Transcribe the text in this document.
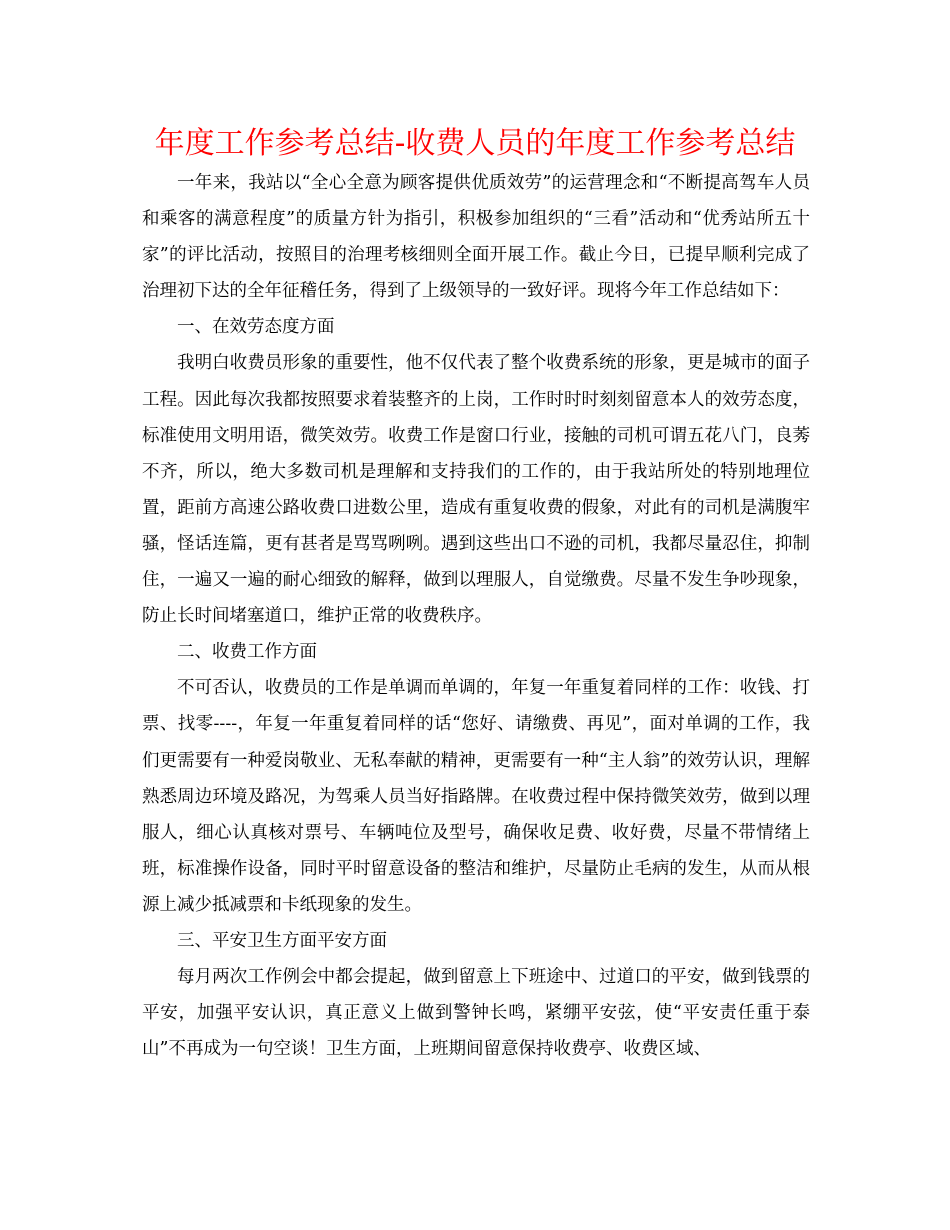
年度工作参考总结-收费人员的年度工作参考总结

一年来，我站以“全心全意为顾客提供优质效劳”的运营理念和“不断提高驾车人员和乘客的满意程度”的质量方针为指引，积极参加组织的“三看”活动和“优秀站所五十家”的评比活动，按照目的治理考核细则全面开展工作。截止今日，已提早顺利完成了治理初下达的全年征稽任务，得到了上级领导的一致好评。现将今年工作总结如下：

一、在效劳态度方面

我明白收费员形象的重要性，他不仅代表了整个收费系统的形象，更是城市的面子工程。因此每次我都按照要求着装整齐的上岗，工作时时时刻刻留意本人的效劳态度，标准使用文明用语，微笑效劳。收费工作是窗口行业，接触的司机可谓五花八门，良莠不齐，所以，绝大多数司机是理解和支持我们的工作的，由于我站所处的特别地理位置，距前方高速公路收费口进数公里，造成有重复收费的假象，对此有的司机是满腹牢骚，怪话连篇，更有甚者是骂骂咧咧。遇到这些出口不逊的司机，我都尽量忍住，抑制住，一遍又一遍的耐心细致的解释，做到以理服人，自觉缴费。尽量不发生争吵现象，防止长时间堵塞道口，维护正常的收费秩序。

二、收费工作方面

不可否认，收费员的工作是单调而单调的，年复一年重复着同样的工作：收钱、打票、找零----，年复一年重复着同样的话“您好、请缴费、再见”，面对单调的工作，我们更需要有一种爱岗敬业、无私奉献的精神，更需要有一种“主人翁”的效劳认识，理解熟悉周边环境及路况，为驾乘人员当好指路牌。在收费过程中保持微笑效劳，做到以理服人，细心认真核对票号、车辆吨位及型号，确保收足费、收好费，尽量不带情绪上班，标准操作设备，同时平时留意设备的整洁和维护，尽量防止毛病的发生，从而从根源上减少抵减票和卡纸现象的发生。

三、平安卫生方面平安方面

每月两次工作例会中都会提起，做到留意上下班途中、过道口的平安，做到钱票的平安，加强平安认识，真正意义上做到警钟长鸣，紧绷平安弦，使“平安责任重于泰山”不再成为一句空谈！卫生方面，上班期间留意保持收费亭、收费区域、
